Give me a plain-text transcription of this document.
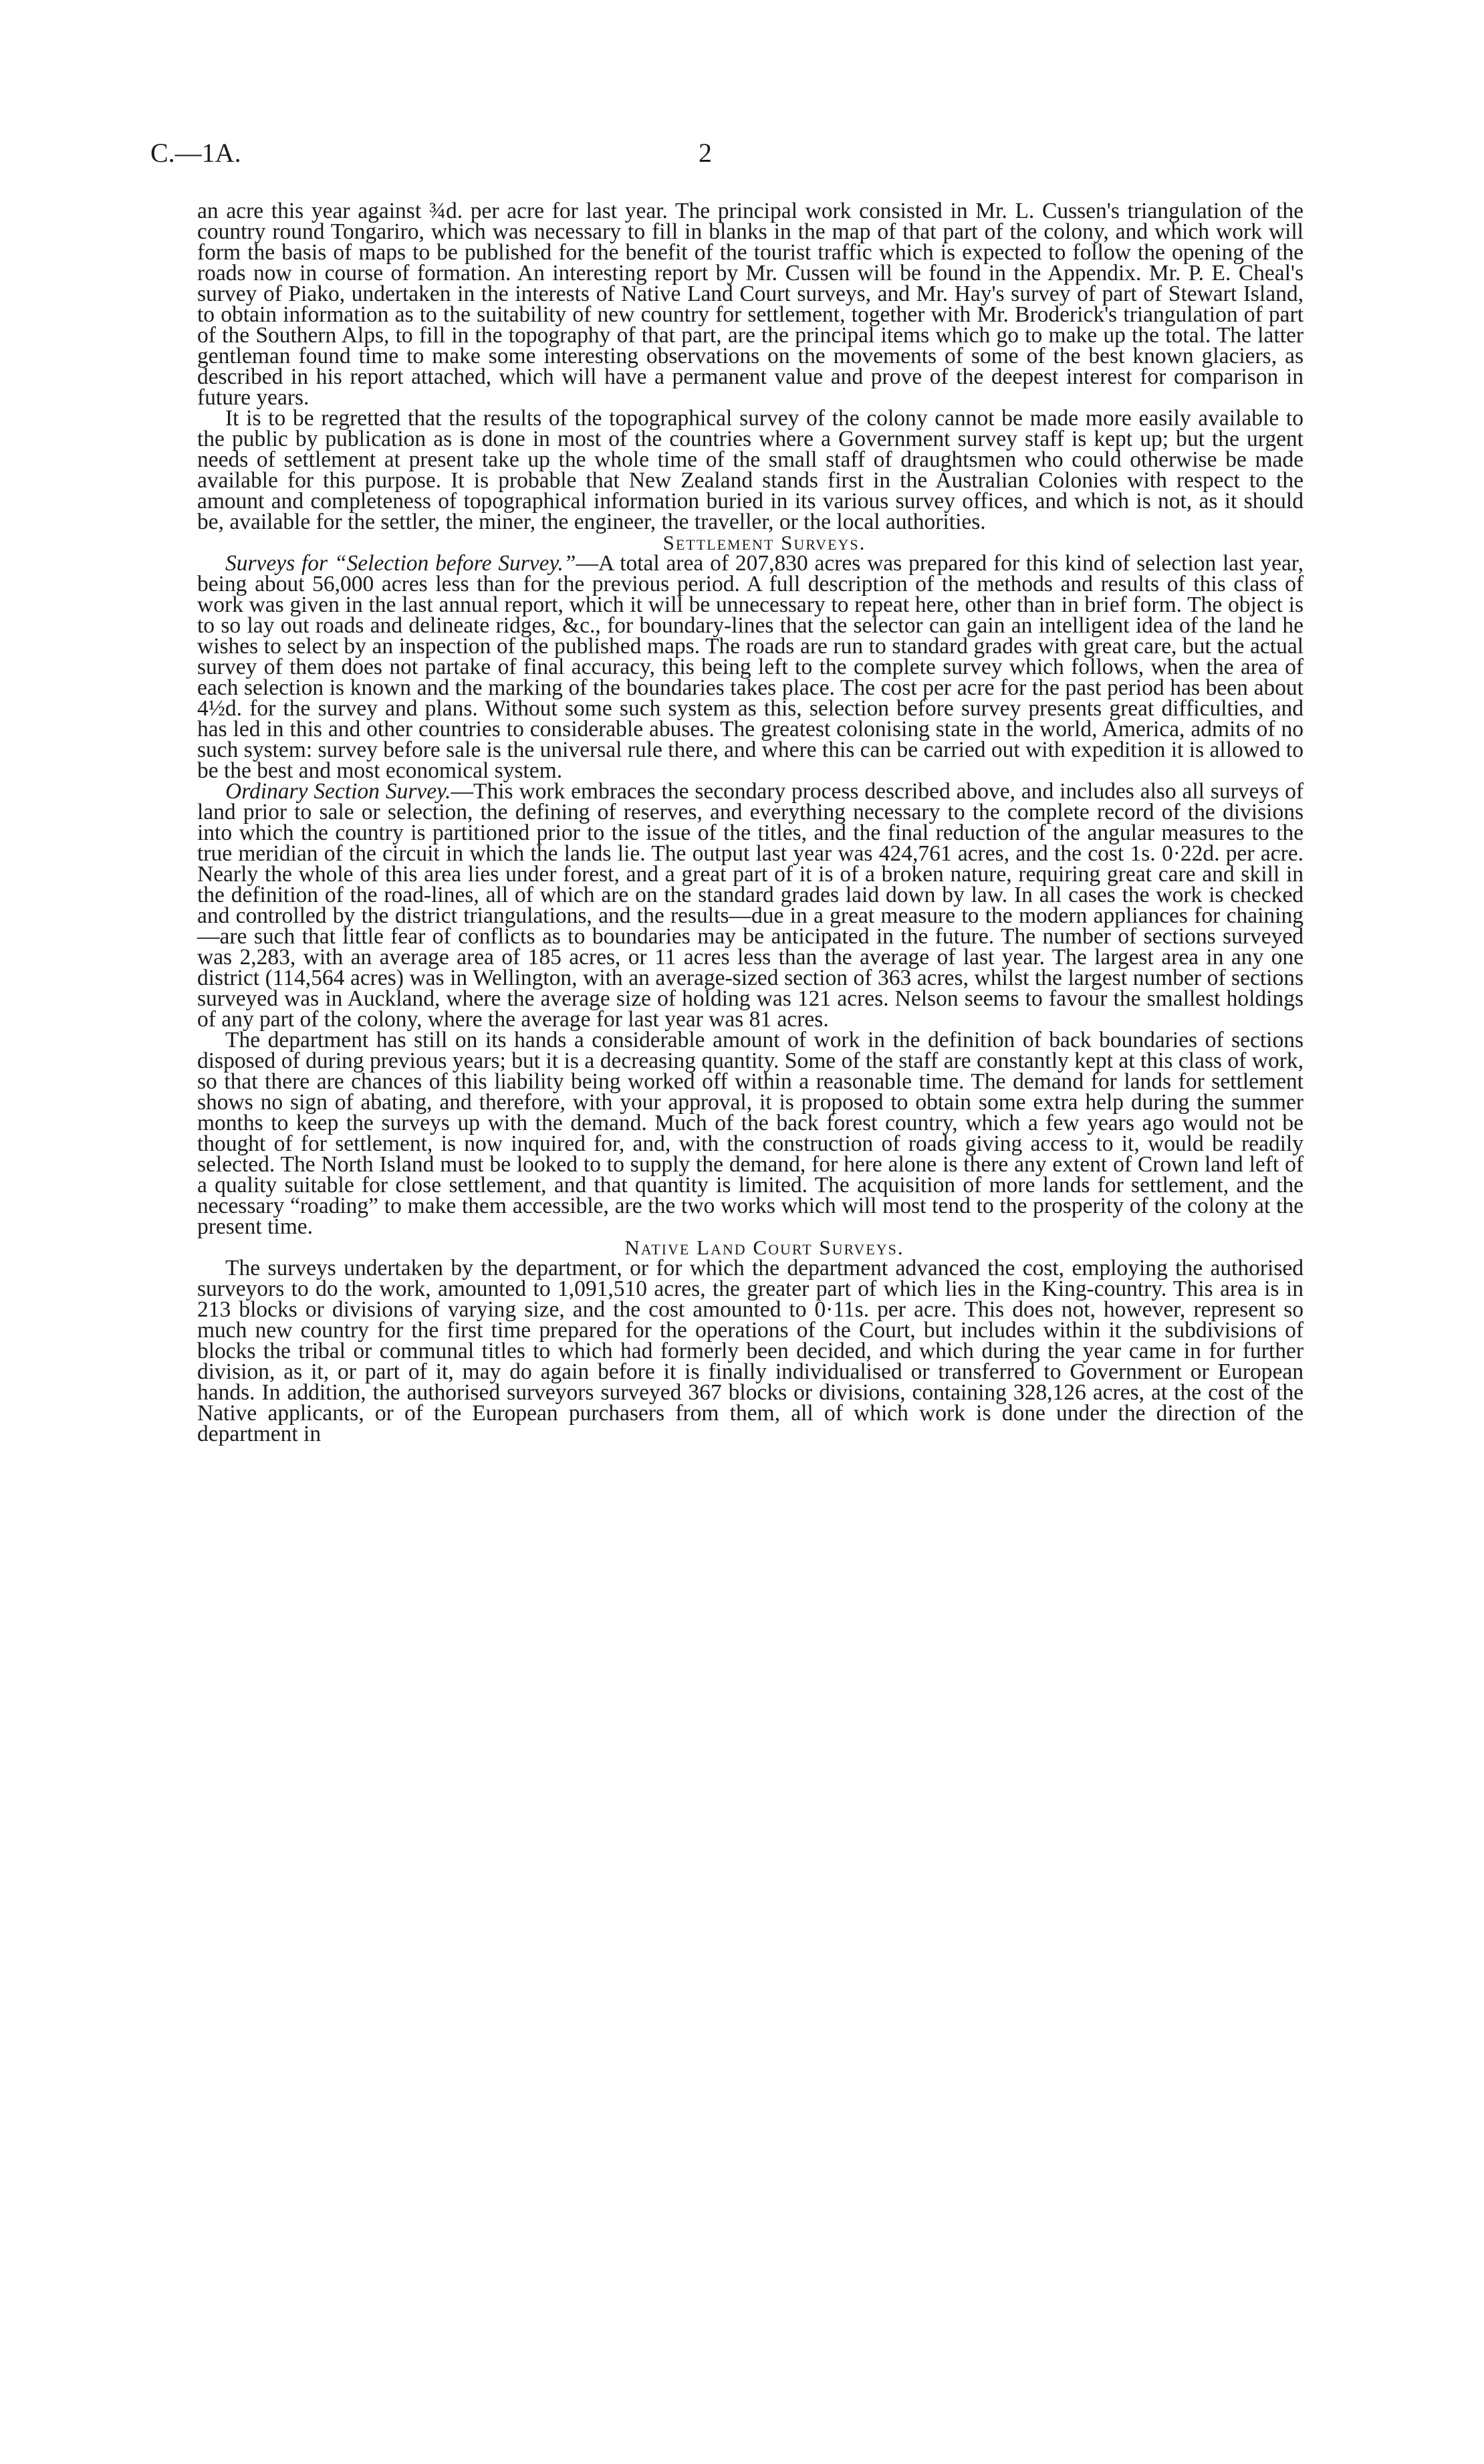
C.—1A.	2

an acre this year against ¾d. per acre for last year. The principal work consisted in Mr. L. Cussen's triangulation of the country round Tongariro, which was necessary to fill in blanks in the map of that part of the colony, and which work will form the basis of maps to be published for the benefit of the tourist traffic which is expected to follow the opening of the roads now in course of formation. An interesting report by Mr. Cussen will be found in the Appendix. Mr. P. E. Cheal's survey of Piako, undertaken in the interests of Native Land Court surveys, and Mr. Hay's survey of part of Stewart Island, to obtain information as to the suitability of new country for settlement, together with Mr. Broderick's triangulation of part of the Southern Alps, to fill in the topography of that part, are the principal items which go to make up the total. The latter gentleman found time to make some interesting observations on the movements of some of the best known glaciers, as described in his report attached, which will have a permanent value and prove of the deepest interest for comparison in future years.

It is to be regretted that the results of the topographical survey of the colony cannot be made more easily available to the public by publication as is done in most of the countries where a Government survey staff is kept up; but the urgent needs of settlement at present take up the whole time of the small staff of draughtsmen who could otherwise be made available for this purpose. It is probable that New Zealand stands first in the Australian Colonies with respect to the amount and completeness of topographical information buried in its various survey offices, and which is not, as it should be, available for the settler, the miner, the engineer, the traveller, or the local authorities.

Settlement Surveys.

Surveys for “Selection before Survey.”—A total area of 207,830 acres was prepared for this kind of selection last year, being about 56,000 acres less than for the previous period. A full description of the methods and results of this class of work was given in the last annual report, which it will be unnecessary to repeat here, other than in brief form. The object is to so lay out roads and delineate ridges, &c., for boundary-lines that the selector can gain an intelligent idea of the land he wishes to select by an inspection of the published maps. The roads are run to standard grades with great care, but the actual survey of them does not partake of final accuracy, this being left to the complete survey which follows, when the area of each selection is known and the marking of the boundaries takes place. The cost per acre for the past period has been about 4½d. for the survey and plans. Without some such system as this, selection before survey presents great difficulties, and has led in this and other countries to considerable abuses. The greatest colonising state in the world, America, admits of no such system: survey before sale is the universal rule there, and where this can be carried out with expedition it is allowed to be the best and most economical system.

Ordinary Section Survey.—This work embraces the secondary process described above, and includes also all surveys of land prior to sale or selection, the defining of reserves, and everything necessary to the complete record of the divisions into which the country is partitioned prior to the issue of the titles, and the final reduction of the angular measures to the true meridian of the circuit in which the lands lie. The output last year was 424,761 acres, and the cost 1s. 0·22d. per acre. Nearly the whole of this area lies under forest, and a great part of it is of a broken nature, requiring great care and skill in the definition of the road-lines, all of which are on the standard grades laid down by law. In all cases the work is checked and controlled by the district triangulations, and the results—due in a great measure to the modern appliances for chaining—are such that little fear of conflicts as to boundaries may be anticipated in the future. The number of sections surveyed was 2,283, with an average area of 185 acres, or 11 acres less than the average of last year. The largest area in any one district (114,564 acres) was in Wellington, with an average-sized section of 363 acres, whilst the largest number of sections surveyed was in Auckland, where the average size of holding was 121 acres. Nelson seems to favour the smallest holdings of any part of the colony, where the average for last year was 81 acres.

The department has still on its hands a considerable amount of work in the definition of back boundaries of sections disposed of during previous years; but it is a decreasing quantity. Some of the staff are constantly kept at this class of work, so that there are chances of this liability being worked off within a reasonable time. The demand for lands for settlement shows no sign of abating, and therefore, with your approval, it is proposed to obtain some extra help during the summer months to keep the surveys up with the demand. Much of the back forest country, which a few years ago would not be thought of for settlement, is now inquired for, and, with the construction of roads giving access to it, would be readily selected. The North Island must be looked to to supply the demand, for here alone is there any extent of Crown land left of a quality suitable for close settlement, and that quantity is limited. The acquisition of more lands for settlement, and the necessary “roading” to make them accessible, are the two works which will most tend to the prosperity of the colony at the present time.

Native Land Court Surveys.

The surveys undertaken by the department, or for which the department advanced the cost, employing the authorised surveyors to do the work, amounted to 1,091,510 acres, the greater part of which lies in the King-country. This area is in 213 blocks or divisions of varying size, and the cost amounted to 0·11s. per acre. This does not, however, represent so much new country for the first time prepared for the operations of the Court, but includes within it the subdivisions of blocks the tribal or communal titles to which had formerly been decided, and which during the year came in for further division, as it, or part of it, may do again before it is finally individualised or transferred to Government or European hands. In addition, the authorised surveyors surveyed 367 blocks or divisions, containing 328,126 acres, at the cost of the Native applicants, or of the European purchasers from them, all of which work is done under the direction of the department in
